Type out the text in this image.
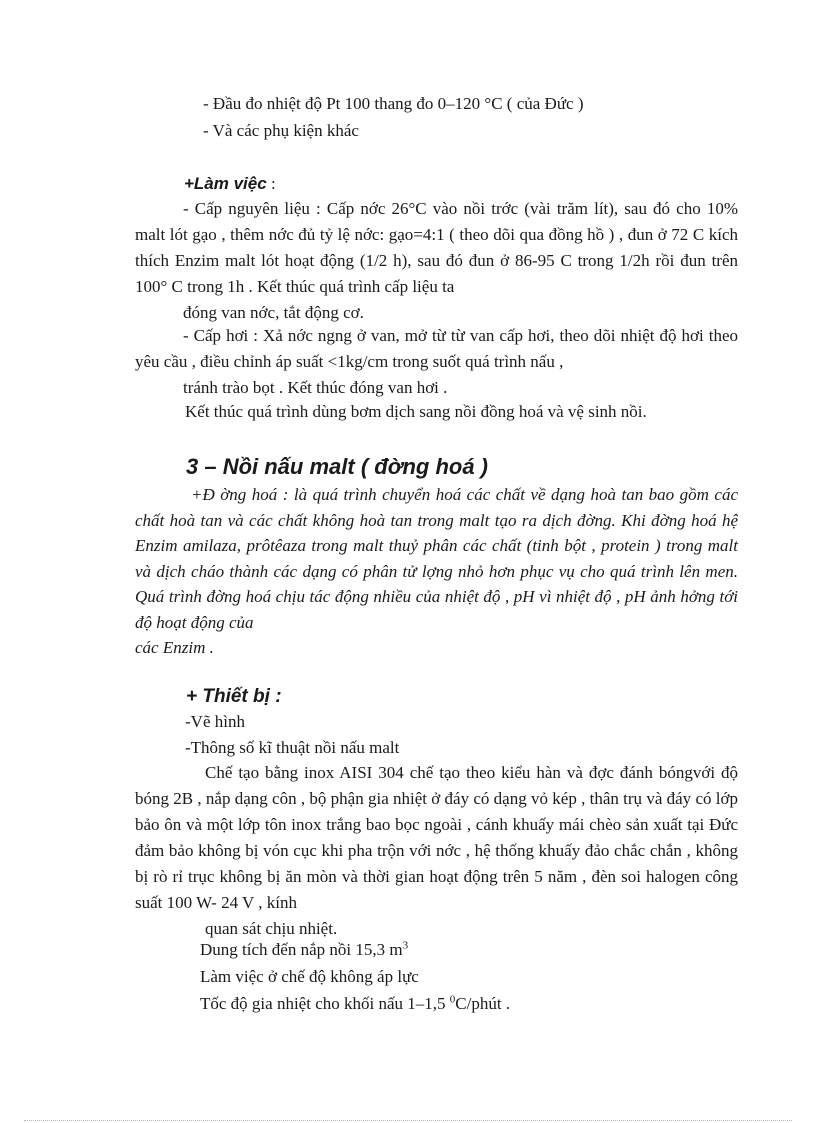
- Đầu đo nhiệt độ Pt 100 thang đo 0–120 °C ( của Đức )
- Và các phụ kiện khác
+Làm việc :
- Cấp nguyên liệu : Cấp nớc 26°C vào nồi trớc (vài trăm lít), sau đó cho 10% malt lót gạo , thêm nớc đủ tỷ lệ nớc: gạo=4:1 ( theo dõi qua đồng hồ ) , đun ở 72 C kích thích Enzim malt lót hoạt động (1/2 h), sau đó đun ở 86-95 C trong 1/2h rồi đun trên 100° C trong 1h . Kết thúc quá trình cấp liệu ta
đóng van nớc, tắt động cơ.
- Cấp hơi : Xả nớc ngng ở van, mở từ từ van cấp hơi, theo dõi nhiệt độ hơi theo yêu cầu , điều chỉnh áp suất <1kg/cm trong suốt quá trình nấu ,
tránh trào bọt . Kết thúc đóng van hơi .
Kết thúc quá trình dùng bơm dịch sang nồi đồng hoá và vệ sinh nồi.
3 – Nồi nấu malt ( đờng hoá )
+Đ ờng hoá : là quá trình chuyển hoá các chất về dạng hoà tan bao gồm các chất hoà tan và các chất không hoà tan trong malt tạo ra dịch đờng. Khi đờng hoá hệ Enzim amilaza, prôtêaza trong malt thuỷ phân các chất (tinh bột , protein ) trong malt và dịch cháo thành các dạng có phân tử lợng nhỏ hơn phục vụ cho quá trình lên men. Quá trình đờng hoá chịu tác động nhiều của nhiệt độ , pH vì nhiệt độ , pH ảnh hởng tới độ hoạt động của
các Enzim .
+ Thiết bị :
-Vẽ hình
-Thông số kĩ thuật nồi nấu malt
Chế tạo bằng inox AISI 304 chế tạo theo kiểu hàn và đợc đánh bóngvới độ bóng 2B , nắp dạng côn , bộ phận gia nhiệt ở đáy có dạng vỏ kép , thân trụ và đáy có lớp bảo ôn và một lớp tôn inox trắng bao bọc ngoài , cánh khuấy mái chèo sản xuất tại Đức đảm bảo không bị vón cục khi pha trộn với nớc , hệ thống khuấy đảo chắc chắn , không bị rò rỉ trục không bị ăn mòn và thời gian hoạt động trên 5 năm , đèn soi halogen công suất 100 W- 24 V , kính
quan sát chịu nhiệt.
Dung tích đến nắp nồi 15,3 $m^3$
Làm việc ở chế độ không áp lực
Tốc độ gia nhiệt cho khối nấu 1–1,5 $^0$C/phút .
